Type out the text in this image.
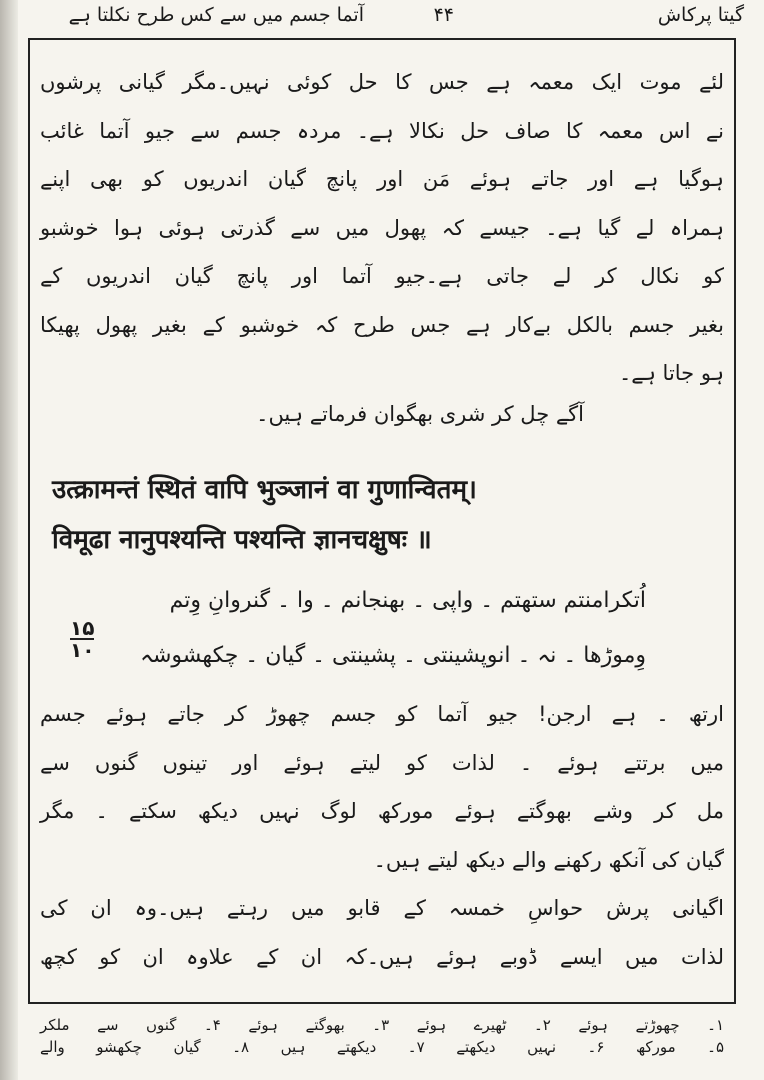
گیتا پرکاش
۴۴
آتما جسم میں سے کس طرح نکلتا ہے
لئے موت ایک معمہ ہے جس کا حل کوئی نہیں۔مگر گیانی پرشوں
نے اس معمہ کا صاف حل نکالا ہے۔ مردہ جسم سے جیو آتما غائب
ہوگیا ہے اور جاتے ہوئے مَن اور پانچ گیان اندریوں کو بھی اپنے
ہمراہ لے گیا ہے۔ جیسے کہ پھول میں سے گذرتی ہوئی ہوا خوشبو
کو نکال کر لے جاتی ہے۔جیو آتما اور پانچ گیان اندریوں کے
بغیر جسم بالکل بےکار ہے جس طرح کہ خوشبو کے بغیر پھول پھیکا
ہو جاتا ہے۔
آگے چل کر شری بھگوان فرماتے ہیں۔
उत्क्रामन्तं स्थितं वापि भुञ्जानं वा गुणान्वितम्।
विमूढा नानुपश्यन्ति पश्यन्ति ज्ञानचक्षुषः ॥
اُتکرامنتم ستھتم ۔ واپی ۔ بھنجانم ۔ وا ۔ گنروانِ وِتم
وِموڑھا ۔ نہ ۔ انوپشینتی ۔ پشینتی ۔ گیان ۔ چکھشوشہ
۱۵
۱۰
ارتھ ۔ ہے ارجن! جیو آتما کو جسم چھوڑ کر جاتے ہوئے جسم
میں برتتے ہوئے ۔ لذات کو لیتے ہوئے اور تینوں گنوں سے
مل کر وشے بھوگتے ہوئے مورکھ لوگ نہیں دیکھ سکتے ۔ مگر
گیان کی آنکھ رکھنے والے دیکھ لیتے ہیں۔
اگیانی پرش حواسِ خمسہ کے قابو میں رہتے ہیں۔وہ ان کی
لذات میں ایسے ڈوبے ہوئے ہیں۔کہ ان کے علاوہ ان کو کچھ
۱۔ چھوڑتے ہوئے ۲۔ ٹھیرے ہوئے ۳۔ بھوگتے ہوئے ۴۔ گنوں سے ملکر
۵۔ مورکھ ۶۔ نہیں دیکھتے ۷۔ دیکھتے ہیں ۸۔ گیان چکھشو والے
